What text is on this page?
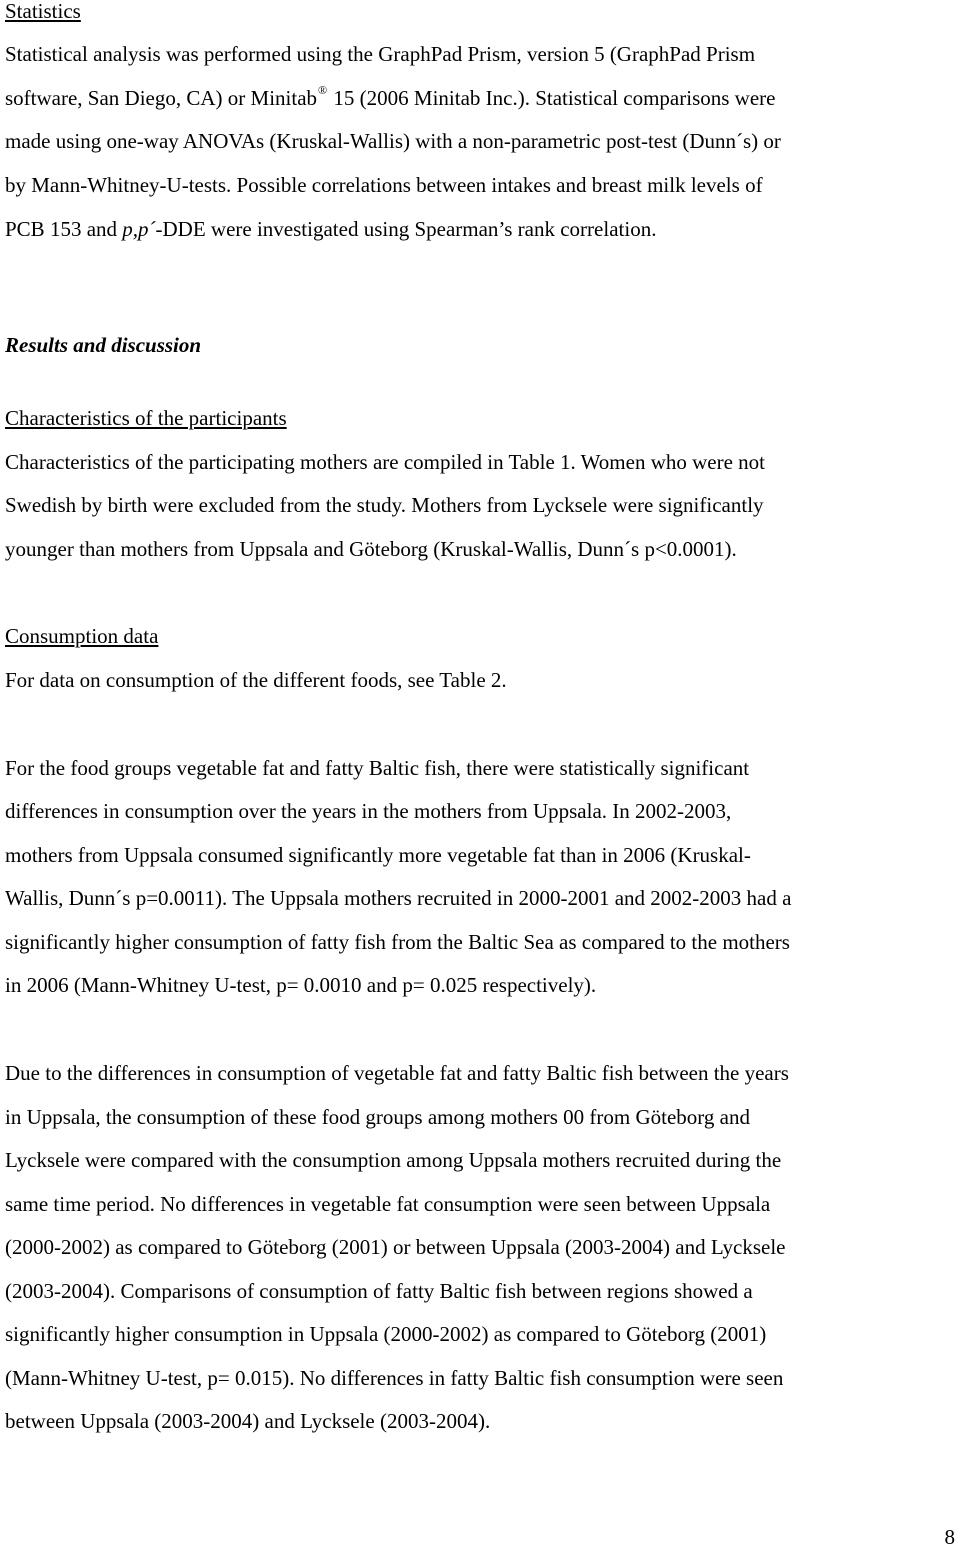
Statistics
Statistical analysis was performed using the GraphPad Prism, version 5 (GraphPad Prism
software, San Diego, CA) or Minitab® 15 (2006 Minitab Inc.). Statistical comparisons were
made using one-way ANOVAs (Kruskal-Wallis) with a non-parametric post-test (Dunn´s) or
by Mann-Whitney-U-tests. Possible correlations between intakes and breast milk levels of
PCB 153 and p,p´-DDE were investigated using Spearman’s rank correlation.
Results and discussion
Characteristics of the participants
Characteristics of the participating mothers are compiled in Table 1. Women who were not
Swedish by birth were excluded from the study. Mothers from Lycksele were significantly
younger than mothers from Uppsala and Göteborg (Kruskal-Wallis, Dunn´s p<0.0001).
Consumption data
For data on consumption of the different foods, see Table 2.
For the food groups vegetable fat and fatty Baltic fish, there were statistically significant
differences in consumption over the years in the mothers from Uppsala. In 2002-2003,
mothers from Uppsala consumed significantly more vegetable fat than in 2006 (Kruskal-
Wallis, Dunn´s p=0.0011). The Uppsala mothers recruited in 2000-2001 and 2002-2003 had a
significantly higher consumption of fatty fish from the Baltic Sea as compared to the mothers
in 2006 (Mann-Whitney U-test, p= 0.0010 and p= 0.025 respectively).
Due to the differences in consumption of vegetable fat and fatty Baltic fish between the years
in Uppsala, the consumption of these food groups among mothers 00 from Göteborg and
Lycksele were compared with the consumption among Uppsala mothers recruited during the
same time period. No differences in vegetable fat consumption were seen between Uppsala
(2000-2002) as compared to Göteborg (2001) or between Uppsala (2003-2004) and Lycksele
(2003-2004). Comparisons of consumption of fatty Baltic fish between regions showed a
significantly higher consumption in Uppsala (2000-2002) as compared to Göteborg (2001)
(Mann-Whitney U-test, p= 0.015). No differences in fatty Baltic fish consumption were seen
between Uppsala (2003-2004) and Lycksele (2003-2004).
8
